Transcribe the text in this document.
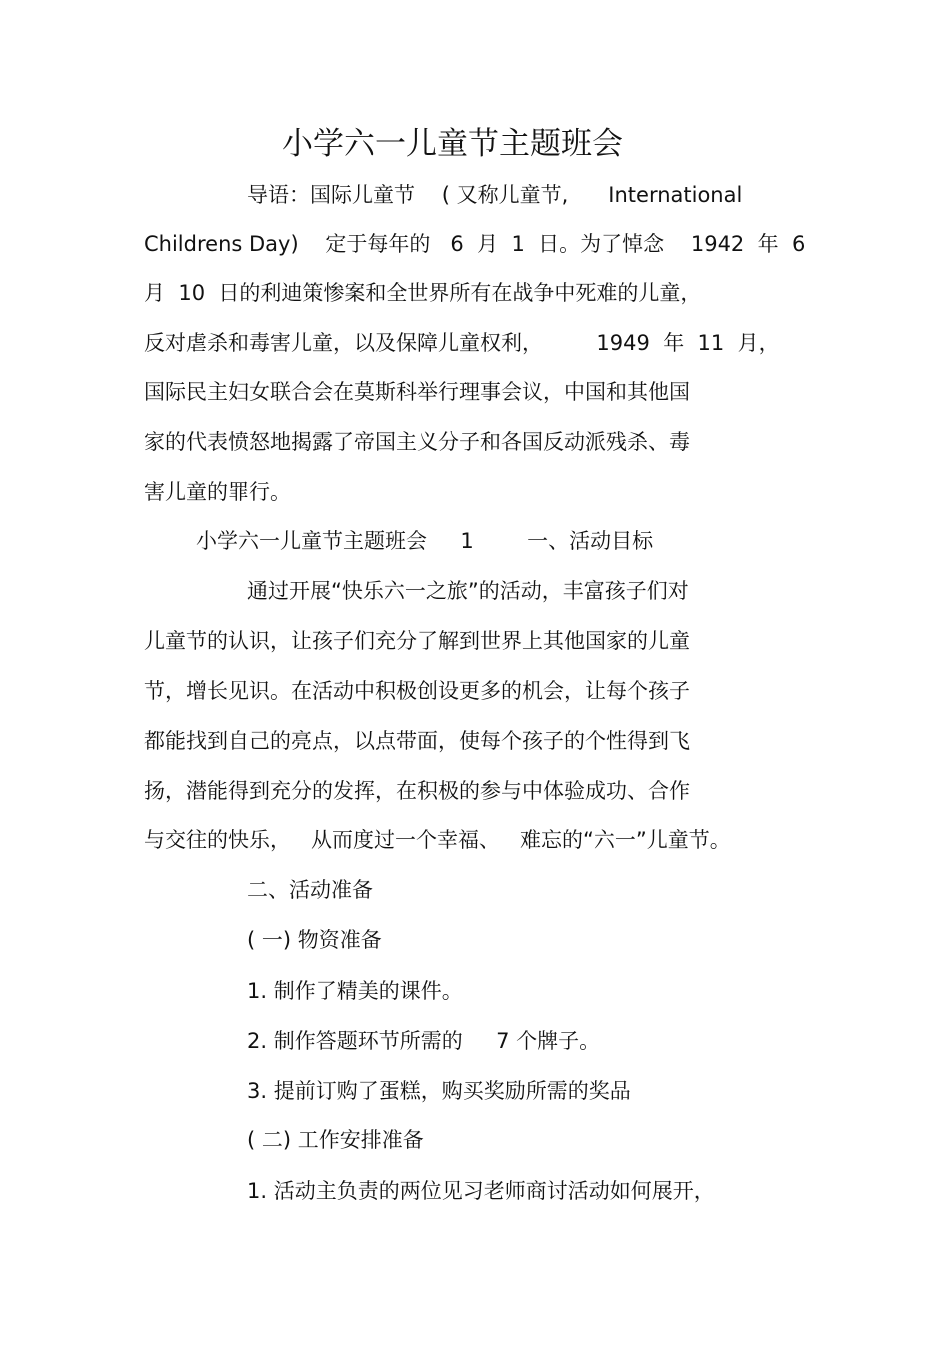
小学六一儿童节主题班会

导语：国际儿童节    ( 又称儿童节,      International

Childrens Day)    定于每年的   6  月  1  日。为了悼念    1942  年  6

月  10  日的利迪策惨案和全世界所有在战争中死难的儿童，

反对虐杀和毒害儿童，以及保障儿童权利，        1949  年  11  月，

国际民主妇女联合会在莫斯科举行理事会议，中国和其他国

家的代表愤怒地揭露了帝国主义分子和各国反动派残杀、毒

害儿童的罪行。

小学六一儿童节主题班会     1        一、活动目标

通过开展“快乐六一之旅”的活动，丰富孩子们对

儿童节的认识，让孩子们充分了解到世界上其他国家的儿童

节，增长见识。在活动中积极创设更多的机会，让每个孩子

都能找到自己的亮点，以点带面，使每个孩子的个性得到飞

扬，潜能得到充分的发挥，在积极的参与中体验成功、合作

与交往的快乐，   从而度过一个幸福、   难忘的“六一”儿童节。

二、活动准备

( 一) 物资准备

1. 制作了精美的课件。

2. 制作答题环节所需的     7 个牌子。

3. 提前订购了蛋糕，购买奖励所需的奖品

( 二) 工作安排准备

1. 活动主负责的两位见习老师商讨活动如何展开，
